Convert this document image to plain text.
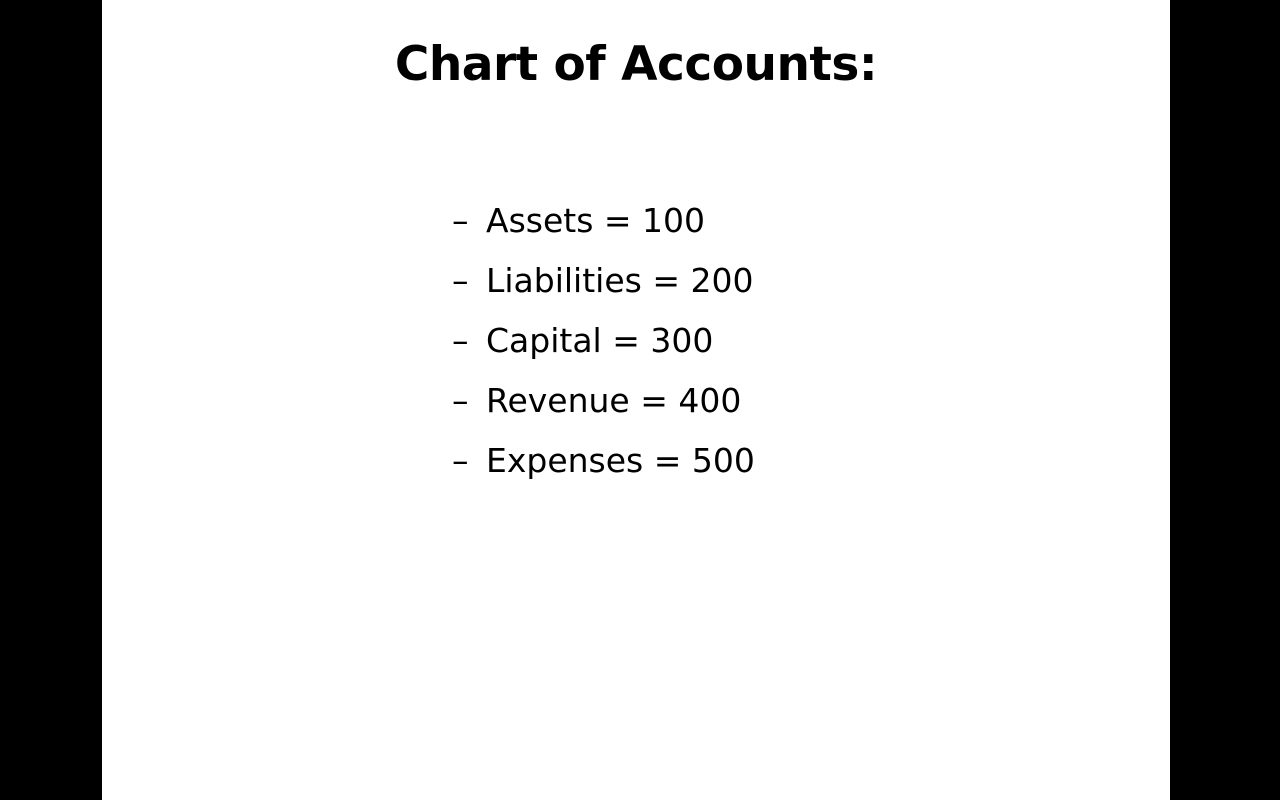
Chart of Accounts:
– Assets = 100
– Liabilities = 200
– Capital = 300
– Revenue = 400
– Expenses = 500
